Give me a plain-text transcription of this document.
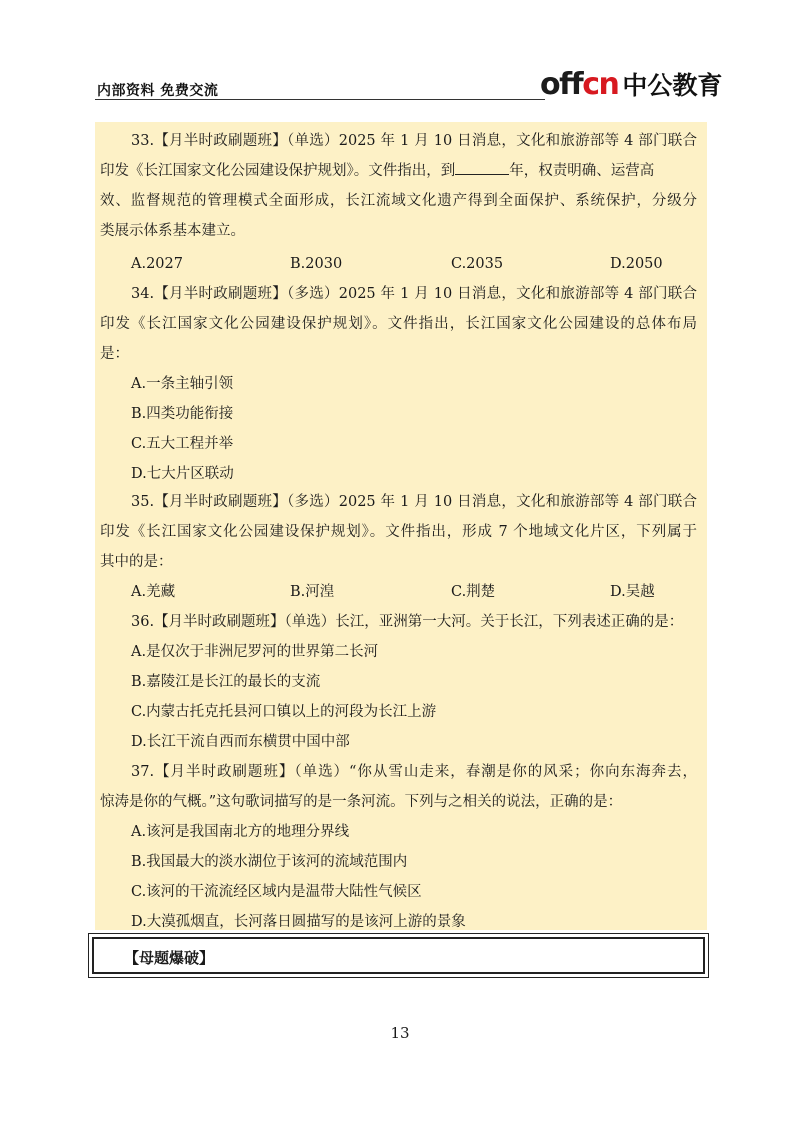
内部资料 免费交流	offcn 中公教育
33.【月半时政刷题班】（单选）2025 年 1 月 10 日消息，文化和旅游部等 4 部门联合
印发《长江国家文化公园建设保护规划》。文件指出，到	年，权责明确、运营高
效、监督规范的管理模式全面形成，长江流域文化遗产得到全面保护、系统保护，分级分
类展示体系基本建立。
A.2027	B.2030	C.2035	D.2050
34.【月半时政刷题班】（多选）2025 年 1 月 10 日消息，文化和旅游部等 4 部门联合
印发《长江国家文化公园建设保护规划》。文件指出，长江国家文化公园建设的总体布局
是：
A.一条主轴引领
B.四类功能衔接
C.五大工程并举
D.七大片区联动
35.【月半时政刷题班】（多选）2025 年 1 月 10 日消息，文化和旅游部等 4 部门联合
印发《长江国家文化公园建设保护规划》。文件指出，形成 7 个地域文化片区，下列属于
其中的是：
A.羌藏	B.河湟	C.荆楚	D.吴越
36.【月半时政刷题班】（单选）长江，亚洲第一大河。关于长江，下列表述正确的是：
A.是仅次于非洲尼罗河的世界第二长河
B.嘉陵江是长江的最长的支流
C.内蒙古托克托县河口镇以上的河段为长江上游
D.长江干流自西而东横贯中国中部
37.【月半时政刷题班】（单选）“你从雪山走来，春潮是你的风采；你向东海奔去，
惊涛是你的气概。”这句歌词描写的是一条河流。下列与之相关的说法，正确的是：
A.该河是我国南北方的地理分界线
B.我国最大的淡水湖位于该河的流域范围内
C.该河的干流流经区域内是温带大陆性气候区
D.大漠孤烟直，长河落日圆描写的是该河上游的景象
【母题爆破】
13
